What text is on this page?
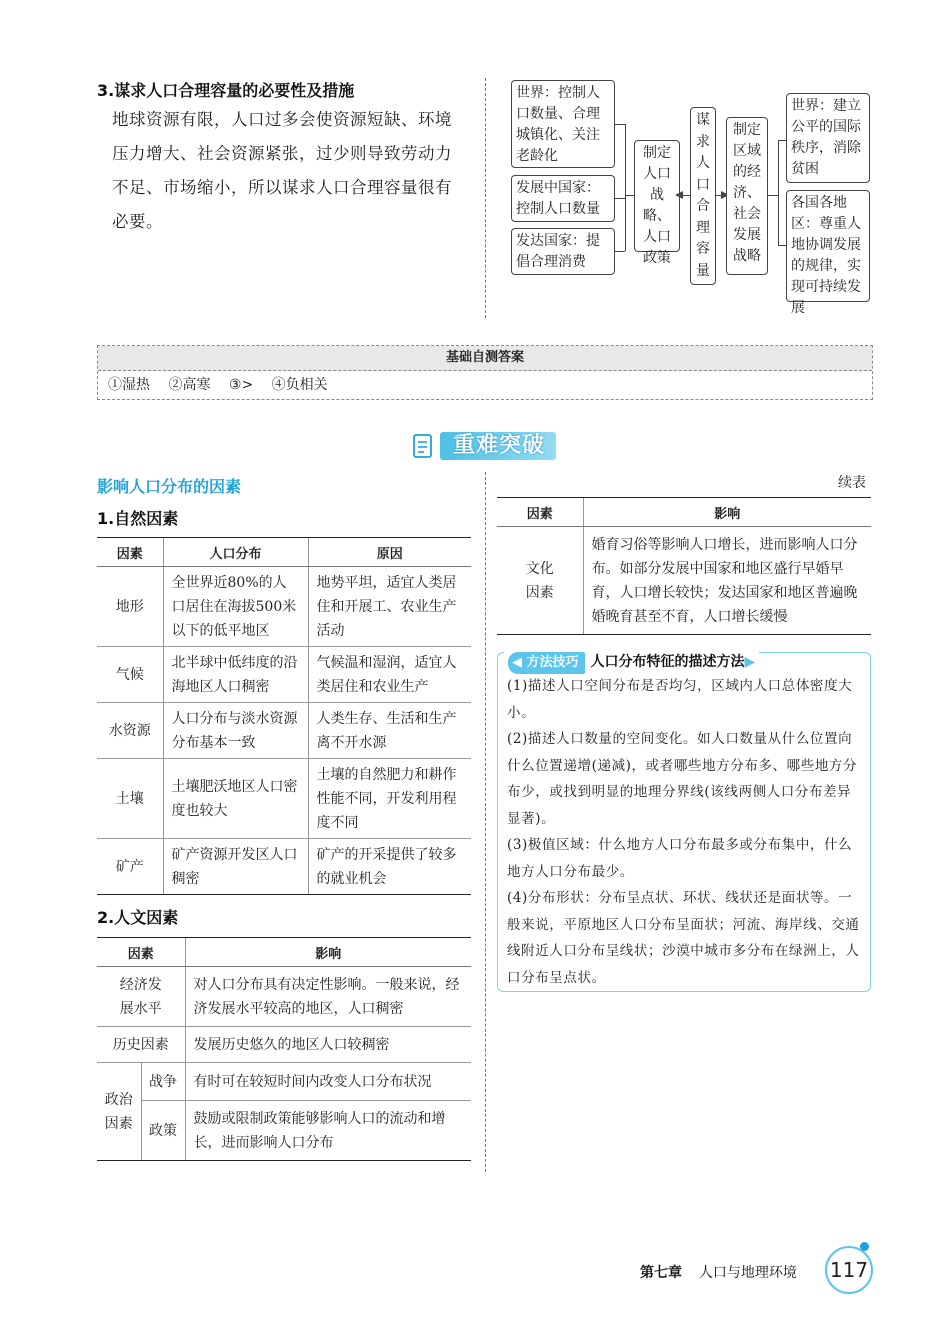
3.谋求人口合理容量的必要性及措施
地球资源有限，人口过多会使资源短缺、环境
压力增大、社会资源紧张，过少则导致劳动力
不足、市场缩小，所以谋求人口合理容量很有
必要。
世界：控制人口数量、合理城镇化、关注老龄化
发展中国家：控制人口数量
发达国家：提倡合理消费
制定人口战略、人口政策
谋求人口合理容量
制定区域的经济、社会发展战略
世界：建立公平的国际秩序，消除贫困
各国各地区：尊重人地协调发展的规律，实现可持续发展
基础自测答案
①湿热 ②高寒 ③> ④负相关
重难突破
影响人口分布的因素
1.自然因素
因素	人口分布	原因
地形	全世界近80%的人口居住在海拔500米以下的低平地区	地势平坦，适宜人类居住和开展工、农业生产活动
气候	北半球中低纬度的沿海地区人口稠密	气候温和湿润，适宜人类居住和农业生产
水资源	人口分布与淡水资源分布基本一致	人类生存、生活和生产离不开水源
土壤	土壤肥沃地区人口密度也较大	土壤的自然肥力和耕作性能不同，开发利用程度不同
矿产	矿产资源开发区人口稠密	矿产的开采提供了较多的就业机会
2.人文因素
因素		影响
经济发展水平		对人口分布具有决定性影响。一般来说，经济发展水平较高的地区，人口稠密
历史因素		发展历史悠久的地区人口较稠密
政治因素	战争	有时可在较短时间内改变人口分布状况
	政策	鼓励或限制政策能够影响人口的流动和增长，进而影响人口分布
续表
因素	影响
文化因素	婚育习俗等影响人口增长，进而影响人口分布。如部分发展中国家和地区盛行早婚早育，人口增长较快；发达国家和地区普遍晚婚晚育甚至不育，人口增长缓慢
◀ 方法技巧 人口分布特征的描述方法▶
(1)描述人口空间分布是否均匀，区域内人口总体密度大小。
(2)描述人口数量的空间变化。如人口数量从什么位置向什么位置递增(递减)，或者哪些地方分布多、哪些地方分布少，或找到明显的地理分界线(该线两侧人口分布差异显著)。
(3)极值区域：什么地方人口分布最多或分布集中，什么地方人口分布最少。
(4)分布形状：分布呈点状、环状、线状还是面状等。一般来说，平原地区人口分布呈面状；河流、海岸线、交通线附近人口分布呈线状；沙漠中城市多分布在绿洲上，人口分布呈点状。
第七章 人口与地理环境 117
